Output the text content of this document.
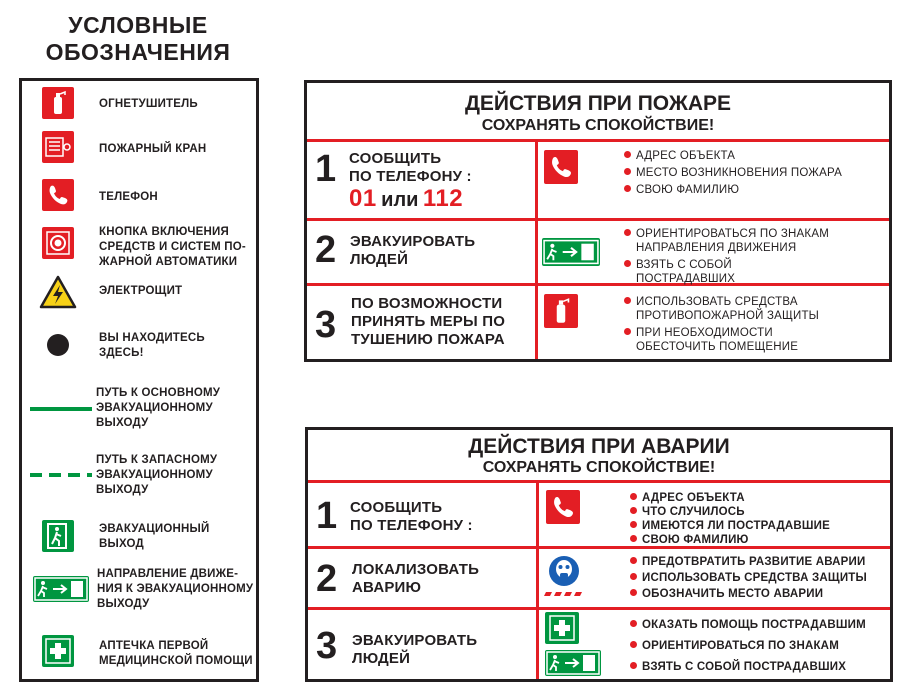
УСЛОВНЫЕ
ОБОЗНАЧЕНИЯ
ОГНЕТУШИТЕЛЬ
ПОЖАРНЫЙ КРАН
ТЕЛЕФОН
КНОПКА ВКЛЮЧЕНИЯ
СРЕДСТВ И СИСТЕМ ПО-
ЖАРНОЙ АВТОМАТИКИ
ЭЛЕКТРОЩИТ
ВЫ НАХОДИТЕСЬ
ЗДЕСЬ!
ПУТЬ К ОСНОВНОМУ
ЭВАКУАЦИОННОМУ
ВЫХОДУ
ПУТЬ К ЗАПАСНОМУ
ЭВАКУАЦИОННОМУ
ВЫХОДУ
ЭВАКУАЦИОННЫЙ
ВЫХОД
НАПРАВЛЕНИЕ ДВИЖЕ-
НИЯ К ЭВАКУАЦИОННОМУ
ВЫХОДУ
АПТЕЧКА ПЕРВОЙ
МЕДИЦИНСКОЙ ПОМОЩИ
ДЕЙСТВИЯ ПРИ ПОЖАРЕ
СОХРАНЯТЬ СПОКОЙСТВИЕ!
1 СООБЩИТЬ
ПО ТЕЛЕФОНУ :
01 или 112
АДРЕС ОБЪЕКТА
МЕСТО ВОЗНИКНОВЕНИЯ ПОЖАРА
СВОЮ ФАМИЛИЮ
2 ЭВАКУИРОВАТЬ
ЛЮДЕЙ
ОРИЕНТИРОВАТЬСЯ ПО ЗНАКАМ
НАПРАВЛЕНИЯ ДВИЖЕНИЯ
ВЗЯТЬ С СОБОЙ
ПОСТРАДАВШИХ
3
ПО ВОЗМОЖНОСТИ
ПРИНЯТЬ МЕРЫ ПО
ТУШЕНИЮ ПОЖАРА
ИСПОЛЬЗОВАТЬ СРЕДСТВА
ПРОТИВОПОЖАРНОЙ ЗАЩИТЫ
ПРИ НЕОБХОДИМОСТИ
ОБЕСТОЧИТЬ ПОМЕЩЕНИЕ
ДЕЙСТВИЯ ПРИ АВАРИИ
СОХРАНЯТЬ СПОКОЙСТВИЕ!
1 СООБЩИТЬ
ПО ТЕЛЕФОНУ :
АДРЕС ОБЪЕКТА
ЧТО СЛУЧИЛОСЬ
ИМЕЮТСЯ ЛИ ПОСТРАДАВШИЕ
СВОЮ ФАМИЛИЮ
2 ЛОКАЛИЗОВАТЬ
АВАРИЮ
ПРЕДОТВРАТИТЬ РАЗВИТИЕ АВАРИИ
ИСПОЛЬЗОВАТЬ СРЕДСТВА ЗАЩИТЫ
ОБОЗНАЧИТЬ МЕСТО АВАРИИ
3 ЭВАКУИРОВАТЬ
ЛЮДЕЙ
ОКАЗАТЬ ПОМОЩЬ ПОСТРАДАВШИМ
ОРИЕНТИРОВАТЬСЯ ПО ЗНАКАМ
ВЗЯТЬ С СОБОЙ ПОСТРАДАВШИХ
